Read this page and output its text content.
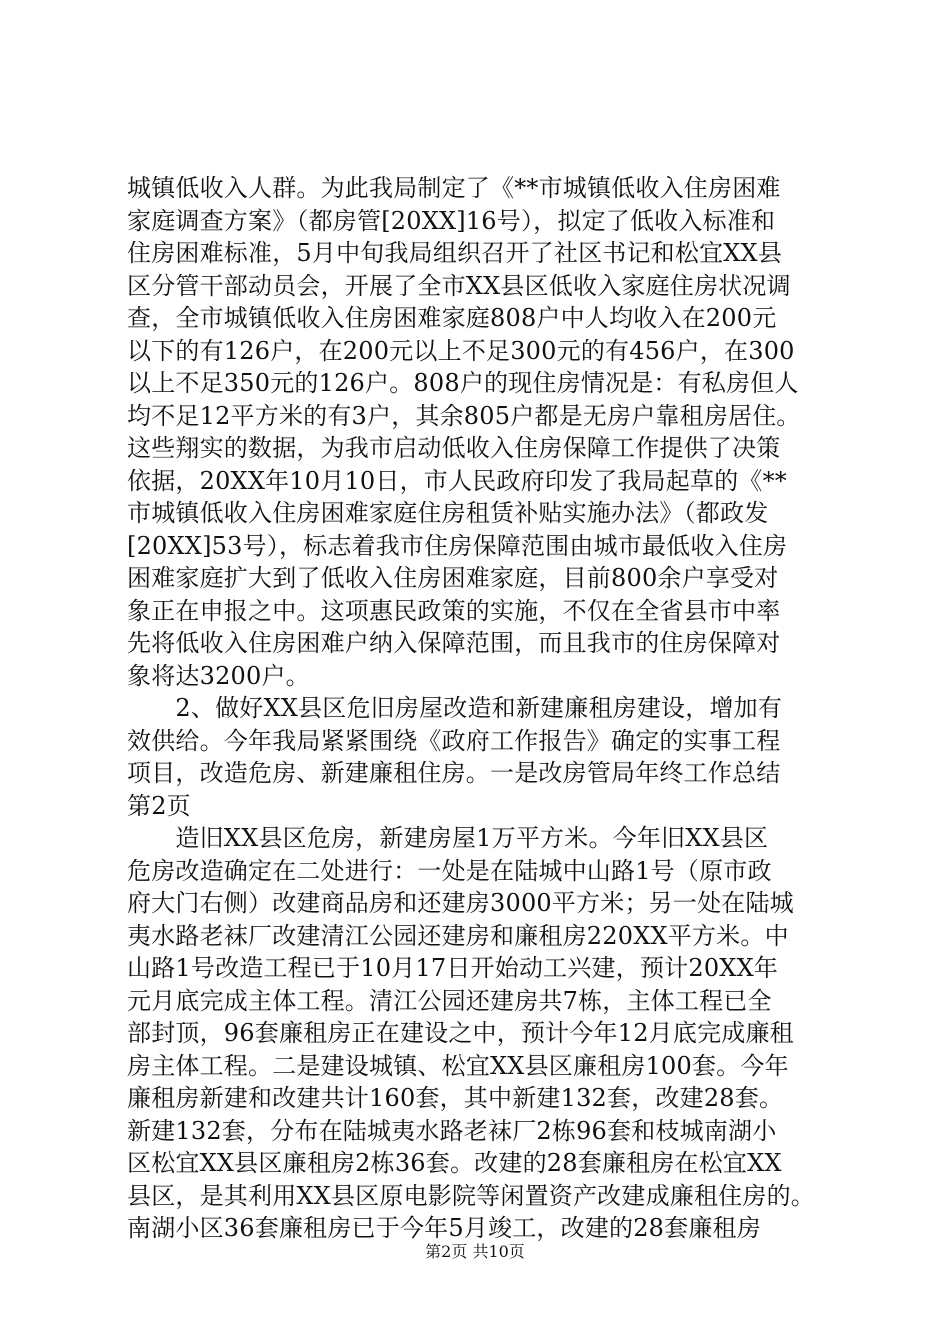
城镇低收入人群。为此我局制定了《**市城镇低收入住房困难
家庭调查方案》（都房管[20XX]16号），拟定了低收入标准和
住房困难标准，5月中旬我局组织召开了社区书记和松宜XX县
区分管干部动员会，开展了全市XX县区低收入家庭住房状况调
查，全市城镇低收入住房困难家庭808户中人均收入在200元
以下的有126户，在200元以上不足300元的有456户，在300
以上不足350元的126户。808户的现住房情况是：有私房但人
均不足12平方米的有3户，其余805户都是无房户靠租房居住。
这些翔实的数据，为我市启动低收入住房保障工作提供了决策
依据，20XX年10月10日，市人民政府印发了我局起草的《**
市城镇低收入住房困难家庭住房租赁补贴实施办法》（都政发
[20XX]53号），标志着我市住房保障范围由城市最低收入住房
困难家庭扩大到了低收入住房困难家庭，目前800余户享受对
象正在申报之中。这项惠民政策的实施，不仅在全省县市中率
先将低收入住房困难户纳入保障范围，而且我市的住房保障对
象将达3200户。
　　2、做好XX县区危旧房屋改造和新建廉租房建设，增加有
效供给。今年我局紧紧围绕《政府工作报告》确定的实事工程
项目，改造危房、新建廉租住房。一是改房管局年终工作总结
第2页
　　造旧XX县区危房，新建房屋1万平方米。今年旧XX县区
危房改造确定在二处进行：一处是在陆城中山路1号（原市政
府大门右侧）改建商品房和还建房3000平方米；另一处在陆城
夷水路老袜厂改建清江公园还建房和廉租房220XX平方米。中
山路1号改造工程已于10月17日开始动工兴建，预计20XX年
元月底完成主体工程。清江公园还建房共7栋，主体工程已全
部封顶，96套廉租房正在建设之中，预计今年12月底完成廉租
房主体工程。二是建设城镇、松宜XX县区廉租房100套。今年
廉租房新建和改建共计160套，其中新建132套，改建28套。
新建132套，分布在陆城夷水路老袜厂2栋96套和枝城南湖小
区松宜XX县区廉租房2栋36套。改建的28套廉租房在松宜XX
县区，是其利用XX县区原电影院等闲置资产改建成廉租住房的。
南湖小区36套廉租房已于今年5月竣工，改建的28套廉租房
第2页 共10页
